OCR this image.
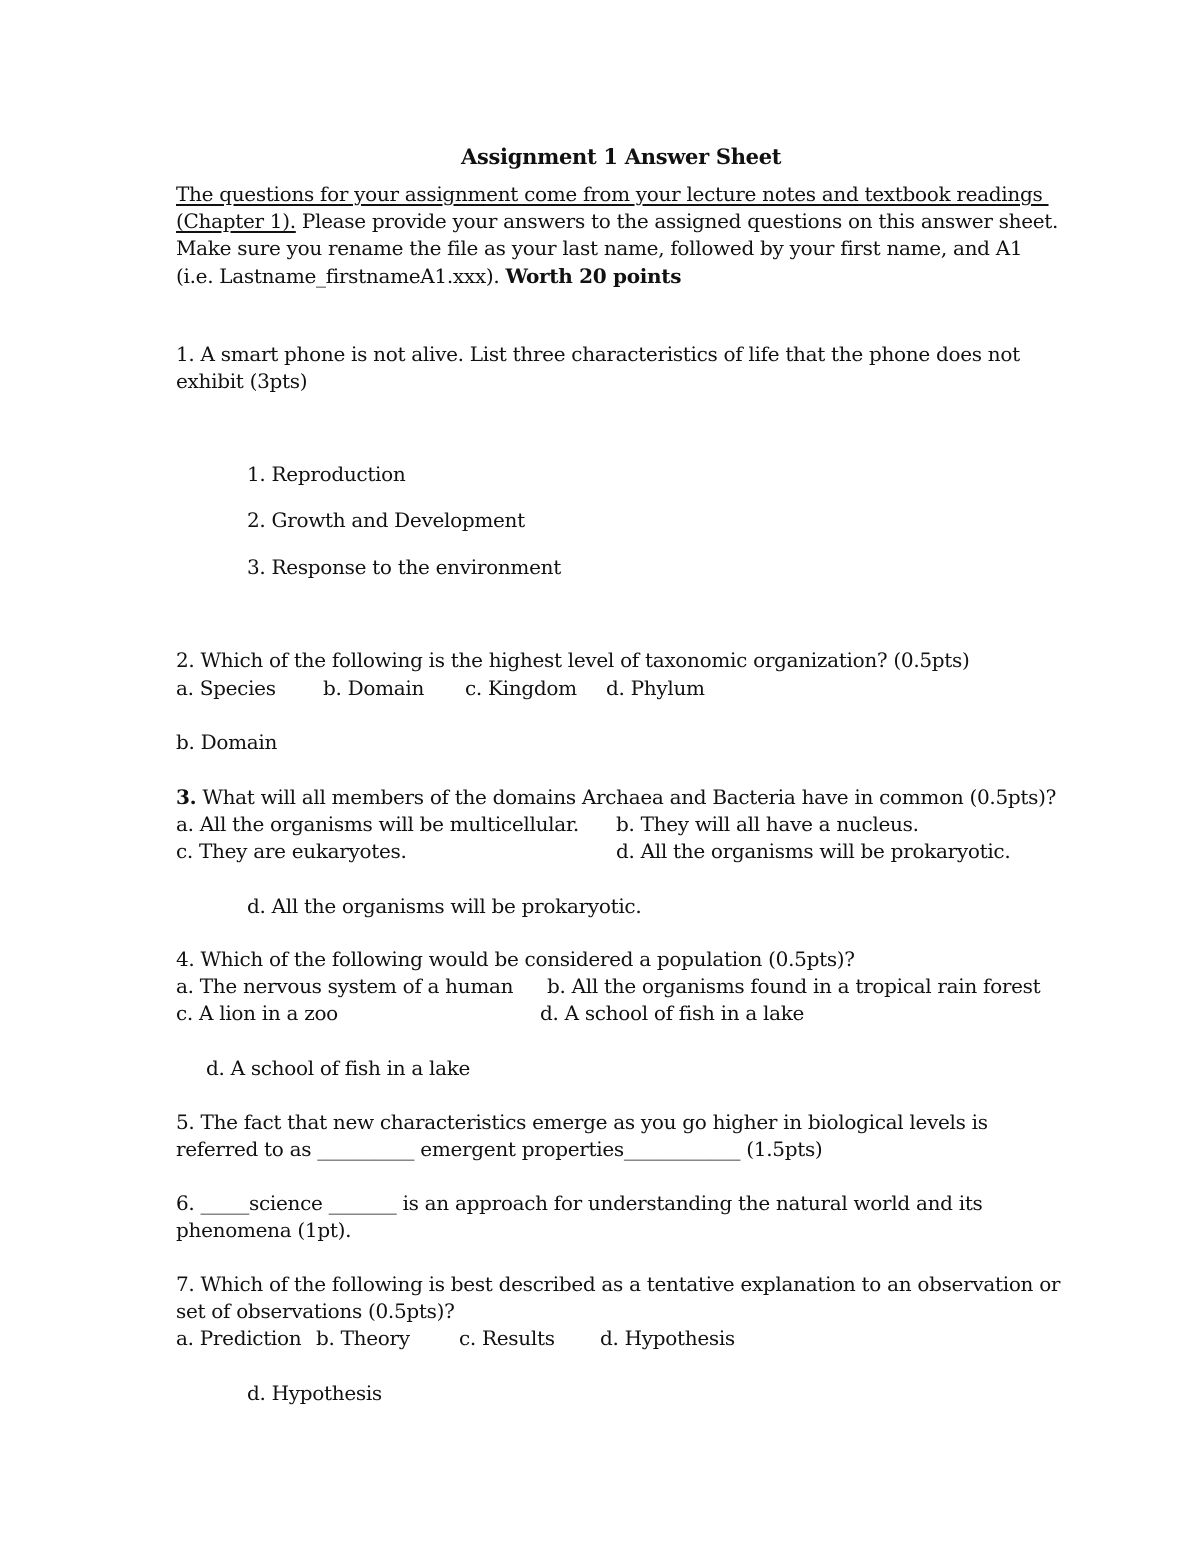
Assignment 1 Answer Sheet
The questions for your assignment come from your lecture notes and textbook readings
(Chapter 1). Please provide your answers to the assigned questions on this answer sheet.
Make sure you rename the file as your last name, followed by your first name, and A1
(i.e. Lastname_firstnameA1.xxx). Worth 20 points
1. A smart phone is not alive. List three characteristics of life that the phone does not
exhibit (3pts)
1. Reproduction
2. Growth and Development
3. Response to the environment
2. Which of the following is the highest level of taxonomic organization? (0.5pts)
a. Species b. Domain c. Kingdom d. Phylum
b. Domain
3. What will all members of the domains Archaea and Bacteria have in common (0.5pts)?
a. All the organisms will be multicellular. b. They will all have a nucleus.
c. They are eukaryotes.	d. All the organisms will be prokaryotic.
d. All the organisms will be prokaryotic.
4. Which of the following would be considered a population (0.5pts)?
a. The nervous system of a human b. All the organisms found in a tropical rain forest
c. A lion in a zoo	d. A school of fish in a lake
d. A school of fish in a lake
5. The fact that new characteristics emerge as you go higher in biological levels is
referred to as __________ emergent properties____________ (1.5pts)
6. _____science _______ is an approach for understanding the natural world and its
phenomena (1pt).
7. Which of the following is best described as a tentative explanation to an observation or
set of observations (0.5pts)?
a. Prediction b. Theory c. Results d. Hypothesis
d. Hypothesis
